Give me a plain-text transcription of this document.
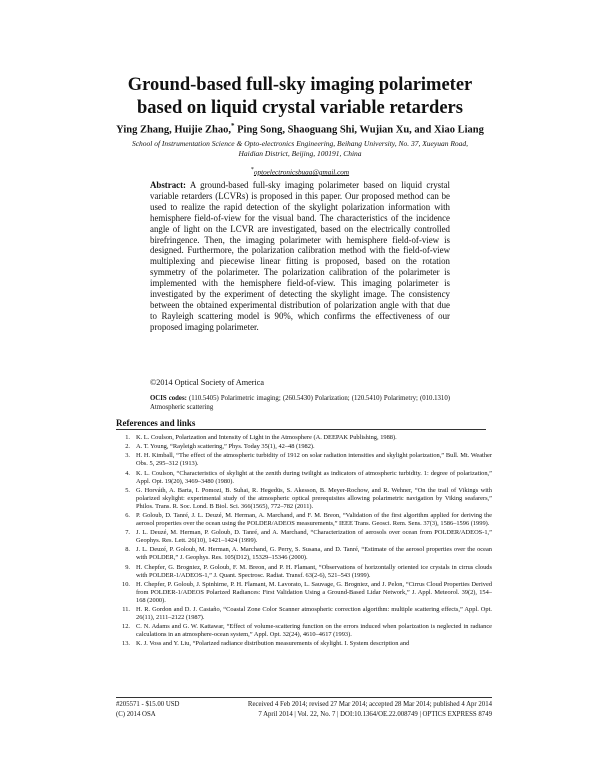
Ground-based full-sky imaging polarimeter
based on liquid crystal variable retarders
Ying Zhang, Huijie Zhao,* Ping Song, Shaoguang Shi, Wujian Xu, and Xiao Liang
School of Instrumentation Science & Opto-electronics Engineering, Beihang University, No. 37, Xueyuan Road,
Haidian District, Beijing, 100191, China
*optoelectronicsbuaa@gmail.com

Abstract: A ground-based full-sky imaging polarimeter based on liquid crystal variable retarders (LCVRs) is proposed in this paper. Our proposed method can be used to realize the rapid detection of the skylight polarization information with hemisphere field-of-view for the visual band. The characteristics of the incidence angle of light on the LCVR are investigated, based on the electrically controlled birefringence. Then, the imaging polarimeter with hemisphere field-of-view is designed. Furthermore, the polarization calibration method with the field-of-view multiplexing and piecewise linear fitting is proposed, based on the rotation symmetry of the polarimeter. The polarization calibration of the polarimeter is implemented with the hemisphere field-of-view. This imaging polarimeter is investigated by the experiment of detecting the skylight image. The consistency between the obtained experimental distribution of polarization angle with that due to Rayleigh scattering model is 90%, which confirms the effectiveness of our proposed imaging polarimeter.

©2014 Optical Society of America
OCIS codes: (110.5405) Polarimetric imaging; (260.5430) Polarization; (120.5410) Polarimetry; (010.1310) Atmospheric scattering
References and links
1. K. L. Coulson, Polarization and Intensity of Light in the Atmosphere (A. DEEPAK Publishing, 1988).
2. A. T. Young, “Rayleigh scattering,” Phys. Today 35(1), 42–48 (1982).
3. H. H. Kimball, “The effect of the atmospheric turbidity of 1912 on solar radiation intensities and skylight polarization,” Bull. Mt. Weather Obs. 5, 295–312 (1913).
4. K. L. Coulson, “Characteristics of skylight at the zenith during twilight as indicators of atmospheric turbidity. 1: degree of polarization,” Appl. Opt. 19(20), 3469–3480 (1980).
5. G. Horváth, A. Barta, I. Pomozi, B. Suhai, R. Hegedüs, S. Akesson, B. Meyer-Rochow, and R. Wehner, “On the trail of Vikings with polarized skylight: experimental study of the atmospheric optical prerequisites allowing polarimetric navigation by Viking seafarers,” Philos. Trans. R. Soc. Lond. B Biol. Sci. 366(1565), 772–782 (2011).
6. P. Goloub, D. Tanré, J. L. Deuzé, M. Herman, A. Marchand, and F. M. Breon, “Validation of the first algorithm applied for deriving the aerosol properties over the ocean using the POLDER/ADEOS measurements,” IEEE Trans. Geosci. Rem. Sens. 37(3), 1586–1596 (1999).
7. J. L. Deuzé, M. Herman, P. Goloub, D. Tanré, and A. Marchand, “Characterization of aerosols over ocean from POLDER/ADEOS-1,” Geophys. Res. Lett. 26(10), 1421–1424 (1999).
8. J. L. Deuzé, P. Goloub, M. Herman, A. Marchand, G. Perry, S. Susana, and D. Tanré, “Estimate of the aerosol properties over the ocean with POLDER,” J. Geophys. Res. 105(D12), 15329–15346 (2000).
9. H. Chepfer, G. Brogniez, P. Goloub, F. M. Breon, and P. H. Flamant, “Observations of horizontally oriented ice crystals in cirrus clouds with POLDER-1/ADEOS-1,” J. Quant. Spectrosc. Radiat. Transf. 63(2-6), 521–543 (1999).
10. H. Chepfer, P. Goloub, J. Spinhirne, P. H. Flamant, M. Lavorato, L. Sauvage, G. Brogniez, and J. Pelon, “Cirrus Cloud Properties Derived from POLDER-1/ADEOS Polarized Radiances: First Validation Using a Ground-Based Lidar Network,” J. Appl. Meteorol. 39(2), 154–168 (2000).
11. H. R. Gordon and D. J. Castaño, “Coastal Zone Color Scanner atmospheric correction algorithm: multiple scattering effects,” Appl. Opt. 26(11), 2111–2122 (1987).
12. C. N. Adams and G. W. Kattawar, “Effect of volume-scattering function on the errors induced when polarization is neglected in radiance calculations in an atmosphere-ocean system,” Appl. Opt. 32(24), 4610–4617 (1993).
13. K. J. Voss and Y. Liu, “Polarized radiance distribution measurements of skylight. I. System description and
#205571 - $15.00 USD	Received 4 Feb 2014; revised 27 Mar 2014; accepted 28 Mar 2014; published 4 Apr 2014
(C) 2014 OSA	7 April 2014 | Vol. 22, No. 7 | DOI:10.1364/OE.22.008749 | OPTICS EXPRESS 8749
